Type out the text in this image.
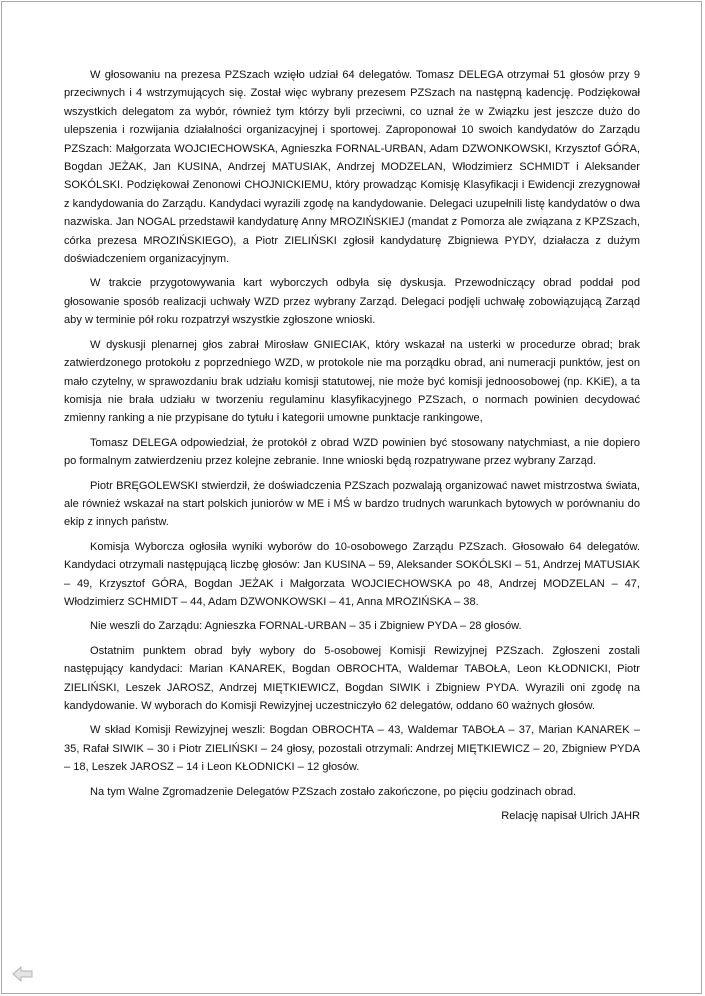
W głosowaniu na prezesa PZSzach wzięło udział 64 delegatów. Tomasz DELEGA otrzymał 51 głosów przy 9 przeciwnych i 4 wstrzymujących się. Został więc wybrany prezesem PZSzach na następną kadencję. Podziękował wszystkich delegatom za wybór, również tym którzy byli przeciwni, co uznał że w Związku jest jeszcze dużo do ulepszenia i rozwijania działalności organizacyjnej i sportowej. Zaproponował 10 swoich kandydatów do Zarządu PZSzach: Małgorzata WOJCIECHOWSKA, Agnieszka FORNAL-URBAN, Adam DZWONKOWSKI, Krzysztof GÓRA, Bogdan JEŻAK, Jan KUSINA, Andrzej MATUSIAK, Andrzej MODZELAN, Włodzimierz SCHMIDT i Aleksander SOKÓLSKI. Podziękował Zenonowi CHOJNICKIEMU, który prowadząc Komisję Klasyfikacji i Ewidencji zrezygnował z kandydowania do Zarządu. Kandydaci wyrazili zgodę na kandydowanie. Delegaci uzupełnili listę kandydatów o dwa nazwiska. Jan NOGAL przedstawił kandydaturę Anny MROZIŃSKIEJ (mandat z Pomorza ale związana z KPZSzach, córka prezesa MROZIŃSKIEGO), a Piotr ZIELIŃSKI zgłosił kandydaturę Zbigniewa PYDY, działacza z dużym doświadczeniem organizacyjnym.

W trakcie przygotowywania kart wyborczych odbyła się dyskusja. Przewodniczący obrad poddał pod głosowanie sposób realizacji uchwały WZD przez wybrany Zarząd. Delegaci podjęli uchwałę zobowiązującą Zarząd aby w terminie pół roku rozpatrzył wszystkie zgłoszone wnioski.

W dyskusji plenarnej głos zabrał Mirosław GNIECIAK, który wskazał na usterki w procedurze obrad; brak zatwierdzonego protokołu z poprzedniego WZD, w protokole nie ma porządku obrad, ani numeracji punktów, jest on mało czytelny, w sprawozdaniu brak udziału komisji statutowej, nie może być komisji jednoosobowej (np. KKiE), a ta komisja nie brała udziału w tworzeniu regulaminu klasyfikacyjnego PZSzach, o normach powinien decydować zmienny ranking a nie przypisane do tytułu i kategorii umowne punktacje rankingowe,

Tomasz DELEGA odpowiedział, że protokół z obrad WZD powinien być stosowany natychmiast, a nie dopiero po formalnym zatwierdzeniu przez kolejne zebranie. Inne wnioski będą rozpatrywane przez wybrany Zarząd.

Piotr BRĘGOLEWSKI stwierdził, że doświadczenia PZSzach pozwalają organizować nawet mistrzostwa świata, ale również wskazał na start polskich juniorów w ME i MŚ w bardzo trudnych warunkach bytowych w porównaniu do ekip z innych państw.

Komisja Wyborcza ogłosiła wyniki wyborów do 10-osobowego Zarządu PZSzach. Głosowało 64 delegatów. Kandydaci otrzymali następującą liczbę głosów: Jan KUSINA – 59, Aleksander SOKÓLSKI – 51, Andrzej MATUSIAK – 49, Krzysztof GÓRA, Bogdan JEŻAK i Małgorzata WOJCIECHOWSKA po 48, Andrzej MODZELAN – 47, Włodzimierz SCHMIDT – 44, Adam DZWONKOWSKI – 41, Anna MROZIŃSKA – 38.

Nie weszli do Zarządu: Agnieszka FORNAL-URBAN – 35 i Zbigniew PYDA – 28 głosów.

Ostatnim punktem obrad były wybory do 5-osobowej Komisji Rewizyjnej PZSzach. Zgłoszeni zostali następujący kandydaci: Marian KANAREK, Bogdan OBROCHTA, Waldemar TABOŁA, Leon KŁODNICKI, Piotr ZIELIŃSKI, Leszek JAROSZ, Andrzej MIĘTKIEWICZ, Bogdan SIWIK i Zbigniew PYDA. Wyrazili oni zgodę na kandydowanie. W wyborach do Komisji Rewizyjnej uczestniczyło 62 delegatów, oddano 60 ważnych głosów.

W skład Komisji Rewizyjnej weszli: Bogdan OBROCHTA – 43, Waldemar TABOŁA – 37, Marian KANAREK – 35, Rafał SIWIK – 30 i Piotr ZIELIŃSKI – 24 głosy, pozostali otrzymali: Andrzej MIĘTKIEWICZ – 20, Zbigniew PYDA – 18, Leszek JAROSZ – 14 i Leon KŁODNICKI – 12 głosów.

Na tym Walne Zgromadzenie Delegatów PZSzach zostało zakończone, po pięciu godzinach obrad.

Relację napisał Ulrich JAHR
